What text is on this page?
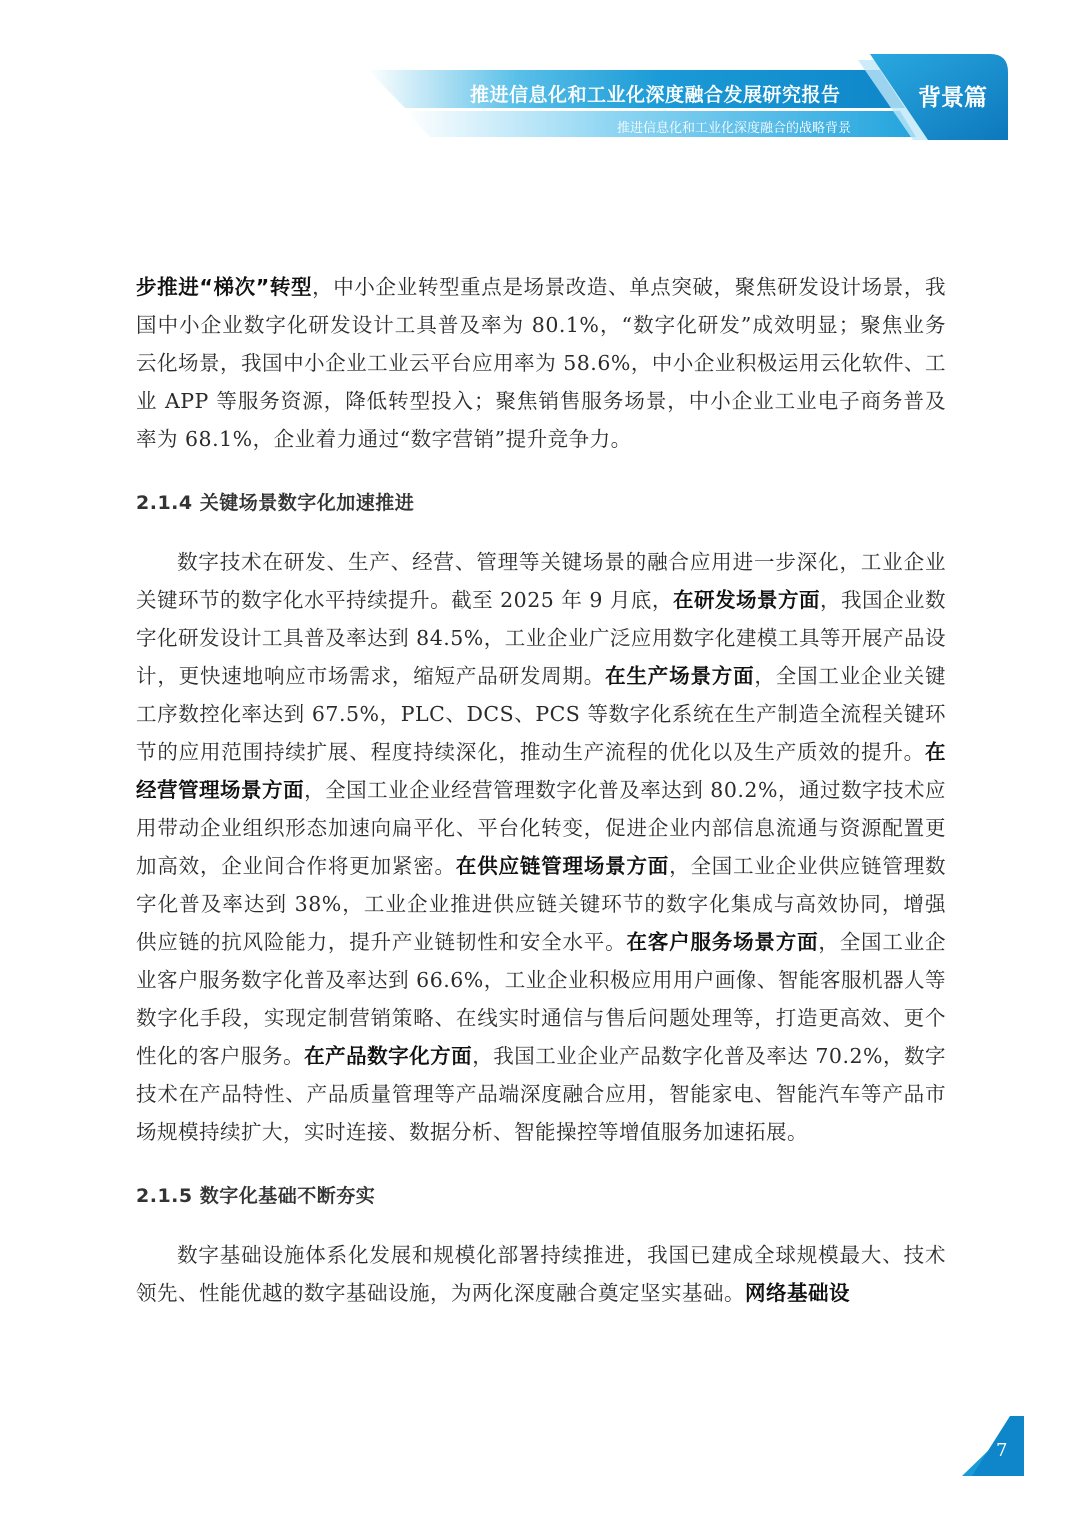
推进信息化和工业化深度融合发展研究报告
推进信息化和工业化深度融合的战略背景
背景篇

步推进“梯次”转型，中小企业转型重点是场景改造、单点突破，聚焦研发设计场景，我国中小企业数字化研发设计工具普及率为 80.1%，“数字化研发”成效明显；聚焦业务云化场景，我国中小企业工业云平台应用率为 58.6%，中小企业积极运用云化软件、工业 APP 等服务资源，降低转型投入；聚焦销售服务场景，中小企业工业电子商务普及率为 68.1%，企业着力通过“数字营销”提升竞争力。

2.1.4 关键场景数字化加速推进

数字技术在研发、生产、经营、管理等关键场景的融合应用进一步深化，工业企业关键环节的数字化水平持续提升。截至 2025 年 9 月底，在研发场景方面，我国企业数字化研发设计工具普及率达到 84.5%，工业企业广泛应用数字化建模工具等开展产品设计，更快速地响应市场需求，缩短产品研发周期。在生产场景方面，全国工业企业关键工序数控化率达到 67.5%，PLC、DCS、PCS 等数字化系统在生产制造全流程关键环节的应用范围持续扩展、程度持续深化，推动生产流程的优化以及生产质效的提升。在经营管理场景方面，全国工业企业经营管理数字化普及率达到 80.2%，通过数字技术应用带动企业组织形态加速向扁平化、平台化转变，促进企业内部信息流通与资源配置更加高效，企业间合作将更加紧密。在供应链管理场景方面，全国工业企业供应链管理数字化普及率达到 38%，工业企业推进供应链关键环节的数字化集成与高效协同，增强供应链的抗风险能力，提升产业链韧性和安全水平。在客户服务场景方面，全国工业企业客户服务数字化普及率达到 66.6%，工业企业积极应用用户画像、智能客服机器人等数字化手段，实现定制营销策略、在线实时通信与售后问题处理等，打造更高效、更个性化的客户服务。在产品数字化方面，我国工业企业产品数字化普及率达 70.2%，数字技术在产品特性、产品质量管理等产品端深度融合应用，智能家电、智能汽车等产品市场规模持续扩大，实时连接、数据分析、智能操控等增值服务加速拓展。

2.1.5 数字化基础不断夯实

数字基础设施体系化发展和规模化部署持续推进，我国已建成全球规模最大、技术领先、性能优越的数字基础设施，为两化深度融合奠定坚实基础。网络基础设

7
